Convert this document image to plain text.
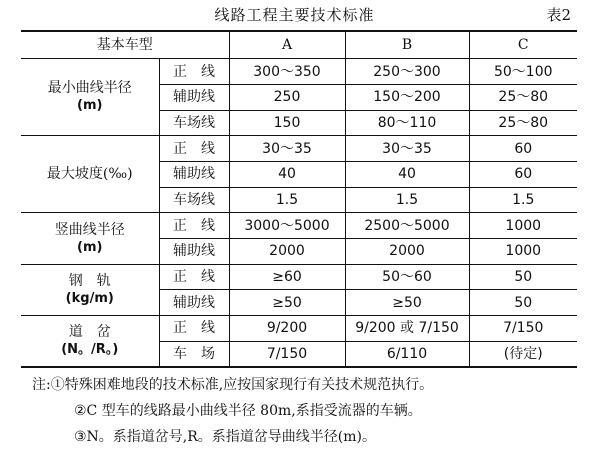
线路工程主要技术标准	表2
基本车型		A	B	C

最小曲线半径
(m)	正　线	300～350	250～300	50～100
	辅助线	250	150～200	25～80
	车场线	150	80～110	25～80

最大坡度(‰)	正　线	30～35	30～35	60
	辅助线	40	40	60
	车场线	1.5	1.5	1.5

竖曲线半径
(m)	正　线	3000～5000	2500～5000	1000
	辅助线	2000	2000	1000

钢　轨
(kg/m)	正　线	≥60	50～60	50
	辅助线	≥50	≥50	50

道　岔
(N。/R。)	正　线	9/200	9/200 或 7/150	7/150
	车　场	7/150	6/110	(待定)
注:①特殊困难地段的技术标准,应按国家现行有关技术规范执行。
②C 型车的线路最小曲线半径 80m,系指受流器的车辆。
③N。系指道岔号,R。系指道岔导曲线半径(m)。
